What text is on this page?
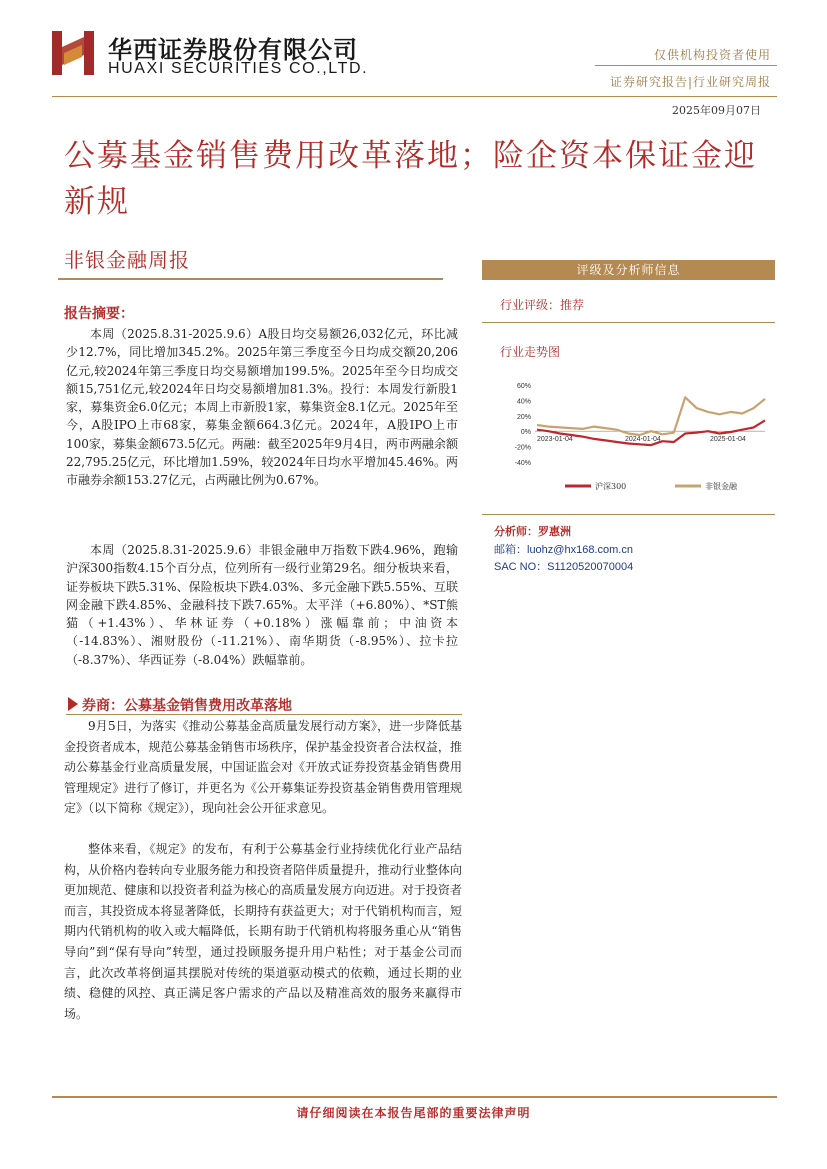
华西证券股份有限公司
HUAXI SECURITIES CO.,LTD.
仅供机构投资者使用
证券研究报告|行业研究周报
2025年09月07日
公募基金销售费用改革落地；险企资本保证金迎新规
非银金融周报
报告摘要：
本周（2025.8.31-2025.9.6）A股日均交易额26,032亿元，环比减少12.7%，同比增加345.2%。2025年第三季度至今日均成交额20,206亿元,较2024年第三季度日均交易额增加199.5%。2025年至今日均成交额15,751亿元,较2024年日均交易额增加81.3%。投行：本周发行新股1家，募集资金6.0亿元；本周上市新股1家，募集资金8.1亿元。2025年至今，A股IPO上市68家，募集金额664.3亿元。2024年，A股IPO上市100家，募集金额673.5亿元。两融：截至2025年9月4日，两市两融余额22,795.25亿元，环比增加1.59%，较2024年日均水平增加45.46%。两市融券余额153.27亿元，占两融比例为0.67%。
本周（2025.8.31-2025.9.6）非银金融申万指数下跌4.96%，跑输沪深300指数4.15个百分点，位列所有一级行业第29名。细分板块来看，证券板块下跌5.31%、保险板块下跌4.03%、多元金融下跌5.55%、互联网金融下跌4.85%、金融科技下跌7.65%。太平洋（+6.80%）、*ST熊猫（+1.43%）、华林证券（+0.18%）涨幅靠前；中油资本（-14.83%）、湘财股份（-11.21%）、南华期货（-8.95%）、拉卡拉（-8.37%）、华西证券（-8.04%）跌幅靠前。
券商：公募基金销售费用改革落地
9月5日，为落实《推动公募基金高质量发展行动方案》，进一步降低基金投资者成本，规范公募基金销售市场秩序，保护基金投资者合法权益，推动公募基金行业高质量发展，中国证监会对《开放式证券投资基金销售费用管理规定》进行了修订，并更名为《公开募集证券投资基金销售费用管理规定》（以下简称《规定》），现向社会公开征求意见。
整体来看，《规定》的发布，有利于公募基金行业持续优化行业产品结构，从价格内卷转向专业服务能力和投资者陪伴质量提升，推动行业整体向更加规范、健康和以投资者利益为核心的高质量发展方向迈进。对于投资者而言，其投资成本将显著降低，长期持有获益更大；对于代销机构而言，短期内代销机构的收入或大幅降低，长期有助于代销机构将服务重心从“销售导向”到“保有导向”转型，通过投顾服务提升用户粘性；对于基金公司而言，此次改革将倒逼其摆脱对传统的渠道驱动模式的依赖，通过长期的业绩、稳健的风控、真正满足客户需求的产品以及精准高效的服务来赢得市场。
评级及分析师信息
行业评级：推荐
行业走势图
60%
40%
20%
0%
-20%
-40%
2023-01-04	2024-01-04	2025-01-04
沪深300	非银金融
分析师：罗惠洲
邮箱：luohz@hx168.com.cn
SAC NO：S1120520070004
请仔细阅读在本报告尾部的重要法律声明
